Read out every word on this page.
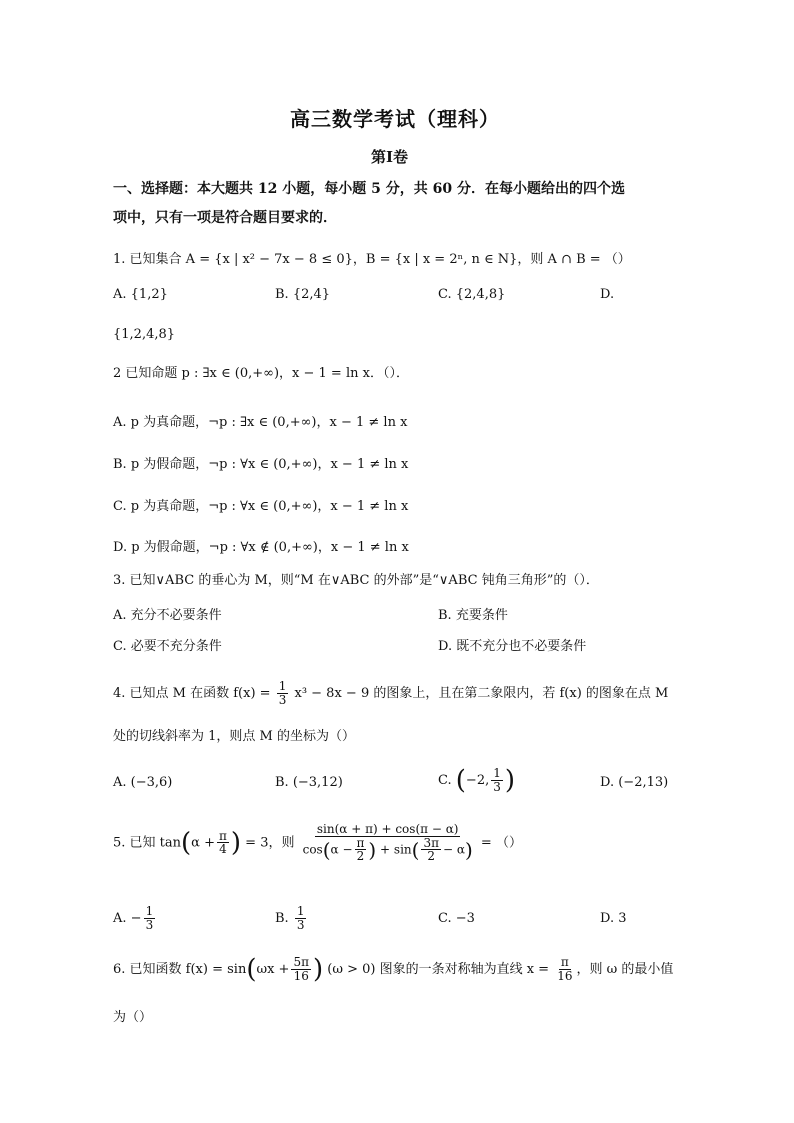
高三数学考试（理科）
第Ⅰ卷
一、选择题：本大题共 12 小题，每小题 5 分，共 60 分．在每小题给出的四个选
项中，只有一项是符合题目要求的．
1. 已知集合 A = {x | x² − 7x − 8 ≤ 0}，B = {x | x = 2ⁿ, n ∈ N}，则 A ∩ B = （）
A. {1,2}	B. {2,4}	C. {2,4,8}	D.
{1,2,4,8}
2 已知命题 p : ∃x ∈ (0,+∞)，x − 1 = ln x．（）．
A. p 为真命题，¬p : ∃x ∈ (0,+∞)，x − 1 ≠ ln x
B. p 为假命题，¬p : ∀x ∈ (0,+∞)，x − 1 ≠ ln x
C. p 为真命题，¬p : ∀x ∈ (0,+∞)，x − 1 ≠ ln x
D. p 为假命题，¬p : ∀x ∉ (0,+∞)，x − 1 ≠ ln x
3. 已知∨ABC 的垂心为 M，则“M 在∨ABC 的外部”是“∨ABC 钝角三角形”的（）．
A. 充分不必要条件	B. 充要条件
C. 必要不充分条件	D. 既不充分也不必要条件
4. 已知点 M 在函数 $f(x) = \frac{1}{3} x^3 - 8x - 9$ 的图象上，且在第二象限内，若 f(x) 的图象在点 M
处的切线斜率为 1，则点 M 的坐标为（）
A. (−3,6)	B. (−3,12)	C. (−2, $\frac{1}{3}$ )	D. (−2,13)
5. 已知 $\tan(\alpha + \frac{\pi}{4}$ ) = 3，则 $\frac{\sin(\alpha + \pi) + \cos(\pi - \alpha)}{\cos(\alpha - \frac{\pi}{2} ) + \sin( \frac{3\pi}{2} - \alpha)}$ = （）
A. − $\frac{1}{3}$	B. $\frac{1}{3}$	C. −3	D. 3
6. 已知函数 $f(x) = \sin(\omega x + \frac{5\pi}{16}$ ) (ω > 0) 图象的一条对称轴为直线 $x = \frac{\pi}{16}$ ，则 ω 的最小值
为（）
